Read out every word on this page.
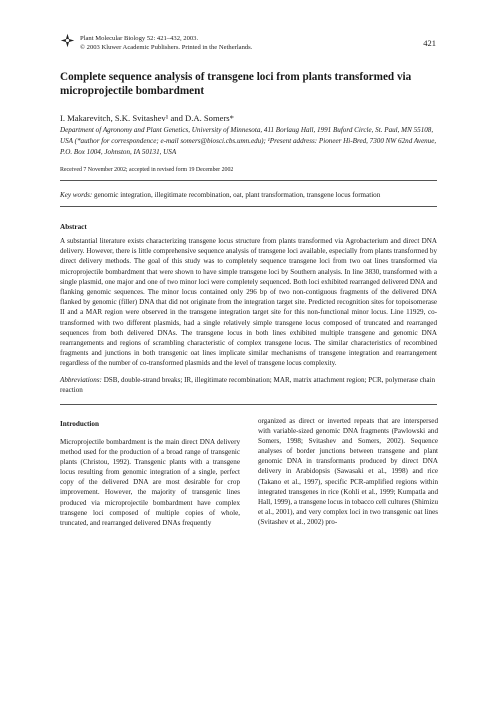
Plant Molecular Biology 52: 421–432, 2003.
© 2003 Kluwer Academic Publishers. Printed in the Netherlands.	421
Complete sequence analysis of transgene loci from plants transformed via microprojectile bombardment
I. Makarevitch, S.K. Svitashev¹ and D.A. Somers*
Department of Agronomy and Plant Genetics, University of Minnesota, 411 Borlaug Hall, 1991 Buford Circle, St. Paul, MN 55108, USA (*author for correspondence; e-mail somers@biosci.cbs.umn.edu); ¹Present address: Pioneer Hi-Bred, 7300 NW 62nd Avenue, P.O. Box 1004, Johnston, IA 50131, USA
Received 7 November 2002; accepted in revised form 19 December 2002
Key words: genomic integration, illegitimate recombination, oat, plant transformation, transgene locus formation
Abstract
A substantial literature exists characterizing transgene locus structure from plants transformed via Agrobacterium and direct DNA delivery. However, there is little comprehensive sequence analysis of transgene loci available, especially from plants transformed by direct delivery methods. The goal of this study was to completely sequence transgene loci from two oat lines transformed via microprojectile bombardment that were shown to have simple transgene loci by Southern analysis. In line 3830, transformed with a single plasmid, one major and one of two minor loci were completely sequenced. Both loci exhibited rearranged delivered DNA and flanking genomic sequences. The minor locus contained only 296 bp of two non-contiguous fragments of the delivered DNA flanked by genomic (filler) DNA that did not originate from the integration target site. Predicted recognition sites for topoisomerase II and a MAR region were observed in the transgene integration target site for this non-functional minor locus. Line 11929, co-transformed with two different plasmids, had a single relatively simple transgene locus composed of truncated and rearranged sequences from both delivered DNAs. The transgene locus in both lines exhibited multiple transgene and genomic DNA rearrangements and regions of scrambling characteristic of complex transgene locus. The similar characteristics of recombined fragments and junctions in both transgenic oat lines implicate similar mechanisms of transgene integration and rearrangement regardless of the number of co-transformed plasmids and the level of transgene locus complexity.
Abbreviations: DSB, double-strand breaks; IR, illegitimate recombination; MAR, matrix attachment region; PCR, polymerase chain reaction
Introduction
Microprojectile bombardment is the main direct DNA delivery method used for the production of a broad range of transgenic plants (Christou, 1992). Transgenic plants with a transgene locus resulting from genomic integration of a single, perfect copy of the delivered DNA are most desirable for crop improvement. However, the majority of transgenic lines produced via microprojectile bombardment have complex transgene loci composed of multiple copies of whole, truncated, and rearranged delivered DNAs frequently
organized as direct or inverted repeats that are interspersed with variable-sized genomic DNA fragments (Pawlowski and Somers, 1998; Svitashev and Somers, 2002). Sequence analyses of border junctions between transgene and plant genomic DNA in transformants produced by direct DNA delivery in Arabidopsis (Sawasaki et al., 1998) and rice (Takano et al., 1997), specific PCR-amplified regions within integrated transgenes in rice (Kohli et al., 1999; Kumpatla and Hall, 1999), a transgene locus in tobacco cell cultures (Shimizu et al., 2001), and very complex loci in two transgenic oat lines (Svitashev et al., 2002) pro-
